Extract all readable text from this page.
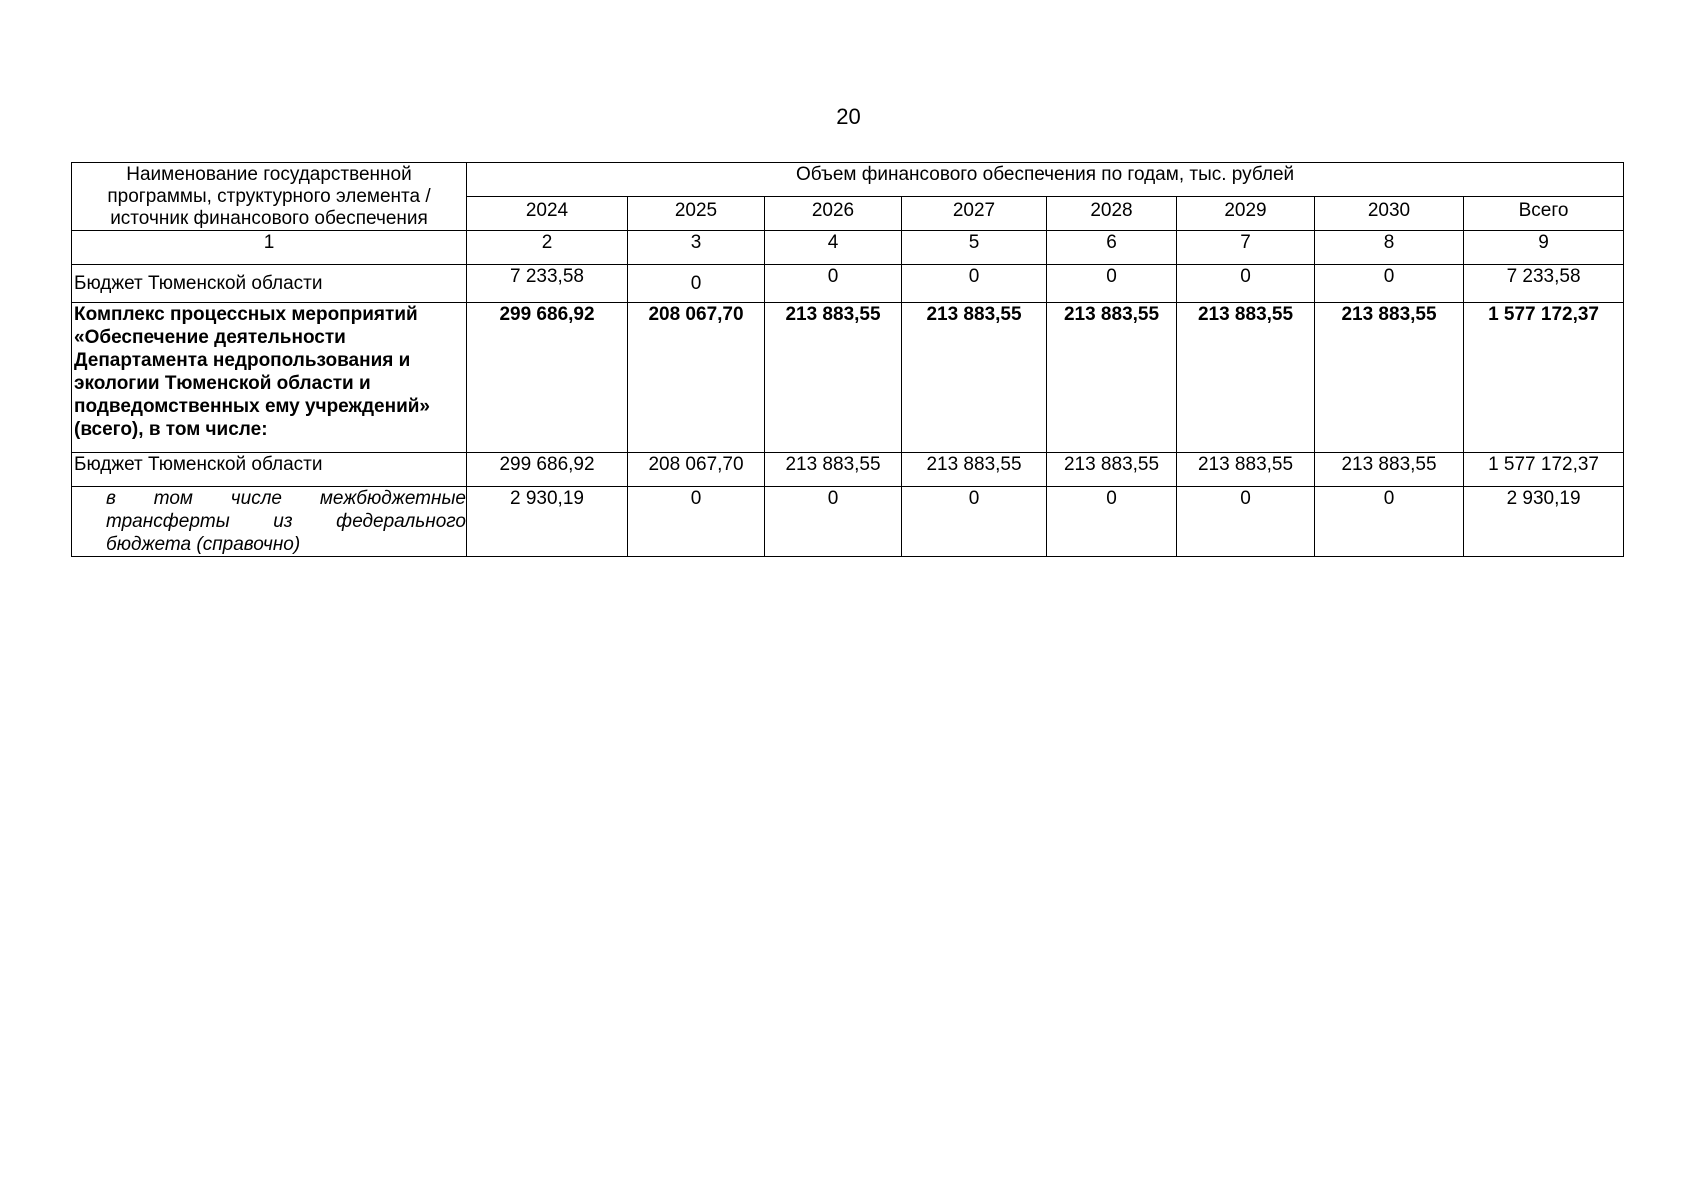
20
Наименование государственной программы, структурного элемента / источник финансового обеспечения	Объем финансового обеспечения по годам, тыс. рублей							
	2024	2025	2026	2027	2028	2029	2030	Всего
1	2	3	4	5	6	7	8	9
Бюджет Тюменской области	7 233,58	0	0	0	0	0	0	7 233,58
Комплекс процессных мероприятий «Обеспечение деятельности Департамента недропользования и экологии Тюменской области и подведомственных ему учреждений» (всего), в том числе:	299 686,92	208 067,70	213 883,55	213 883,55	213 883,55	213 883,55	213 883,55	1 577 172,37
Бюджет Тюменской области	299 686,92	208 067,70	213 883,55	213 883,55	213 883,55	213 883,55	213 883,55	1 577 172,37
в том числе межбюджетные трансферты из федерального бюджета (справочно)	2 930,19	0	0	0	0	0	0	2 930,19
